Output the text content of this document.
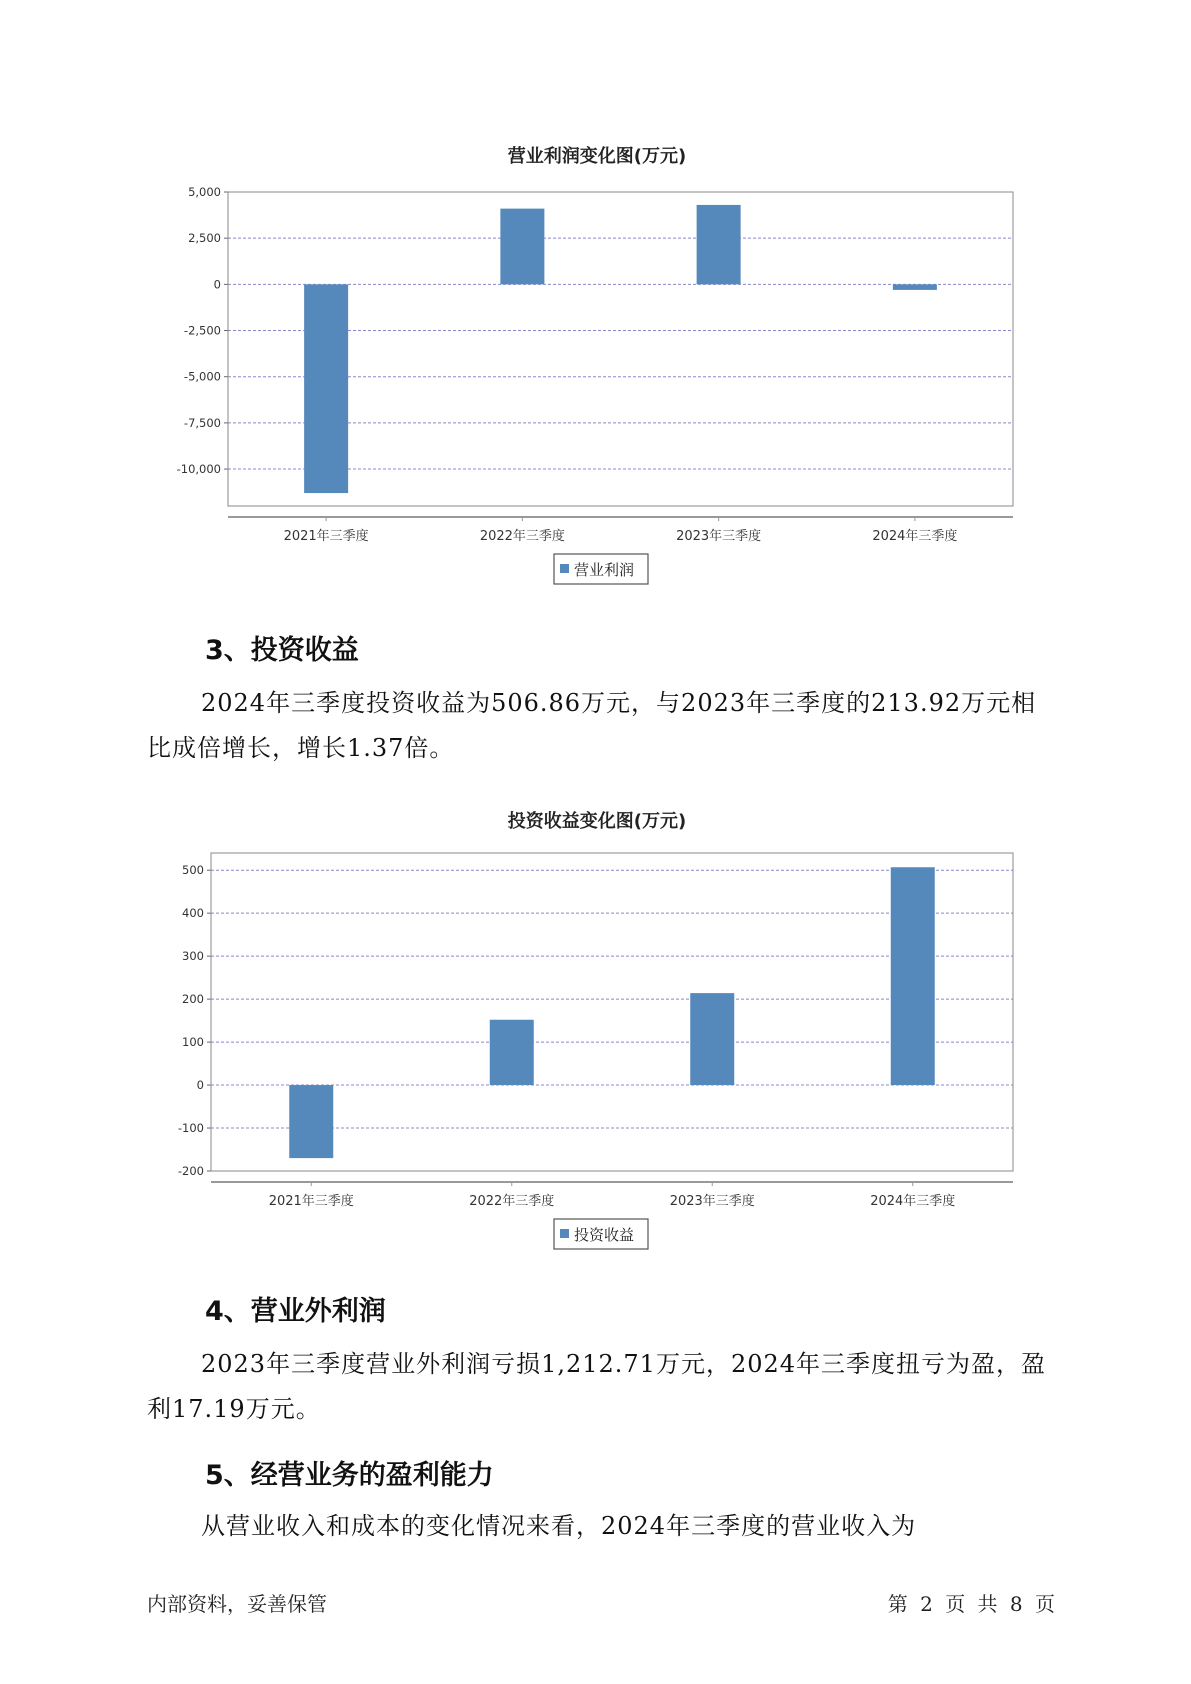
营业利润变化图(万元)
5,000
2,500
0
-2,500
-5,000
-7,500
-10,000
2021年三季度	2022年三季度	2023年三季度	2024年三季度
营业利润
3、投资收益

2024年三季度投资收益为506.86万元，与2023年三季度的213.92万元相比成倍增长，增长1.37倍。

投资收益变化图(万元)
500
400
300
200
100
0
-100
-200
2021年三季度	2022年三季度	2023年三季度	2024年三季度
投资收益
4、营业外利润

2023年三季度营业外利润亏损1,212.71万元，2024年三季度扭亏为盈，盈利17.19万元。

5、经营业务的盈利能力

从营业收入和成本的变化情况来看，2024年三季度的营业收入为

内部资料，妥善保管	第 2 页 共 8 页
